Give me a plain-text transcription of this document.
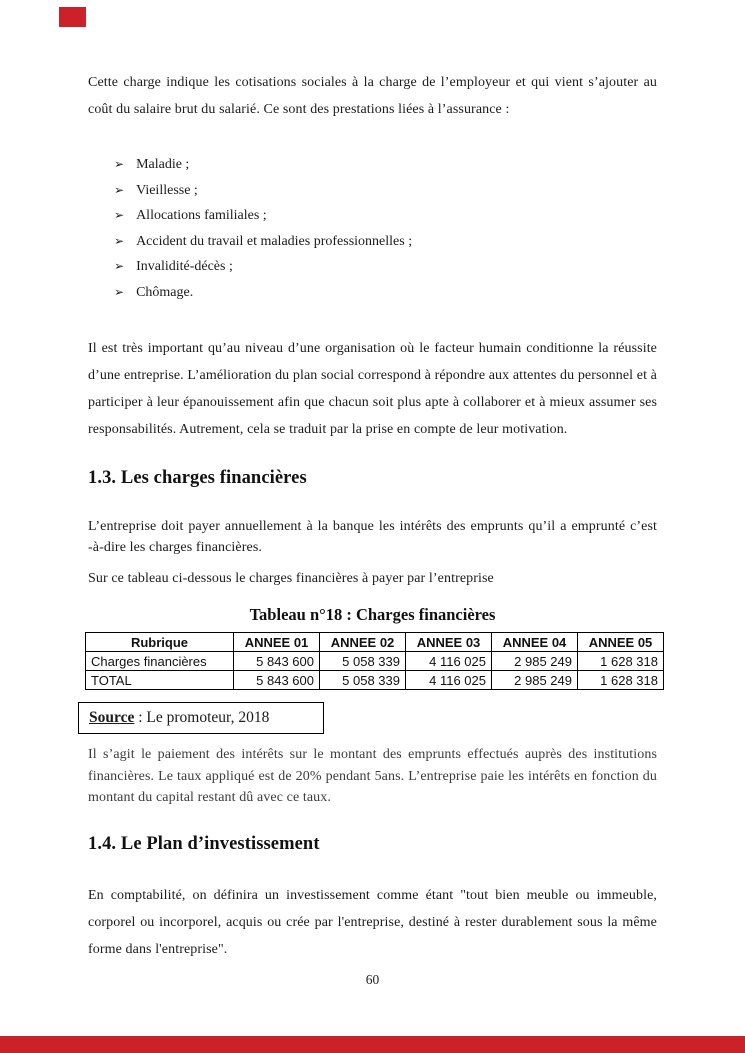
Cette charge indique les cotisations sociales à la charge de l’employeur et qui vient s’ajouter au coût du salaire brut du salarié. Ce sont des prestations liées à l’assurance :

➢ Maladie ;
➢ Vieillesse ;
➢ Allocations familiales ;
➢ Accident du travail et maladies professionnelles ;
➢ Invalidité-décès ;
➢ Chômage.

Il est très important qu’au niveau d’une organisation où le facteur humain conditionne la réussite d’une entreprise. L’amélioration du plan social correspond à répondre aux attentes du personnel et à participer à leur épanouissement afin que chacun soit plus apte à collaborer et à mieux assumer ses responsabilités. Autrement, cela se traduit par la prise en compte de leur motivation.

1.3. Les charges financières

L’entreprise doit payer annuellement à la banque les intérêts des emprunts qu’il a emprunté c’est -à-dire les charges financières.

Sur ce tableau ci-dessous le charges financières à payer par l’entreprise

Tableau n°18 : Charges financières
Rubrique	ANNEE 01	ANNEE 02	ANNEE 03	ANNEE 04	ANNEE 05
Charges financières	5 843 600	5 058 339	4 116 025	2 985 249	1 628 318
TOTAL	5 843 600	5 058 339	4 116 025	2 985 249	1 628 318
Source : Le promoteur, 2018

Il s’agit le paiement des intérêts sur le montant des emprunts effectués auprès des institutions financières. Le taux appliqué est de 20% pendant 5ans. L’entreprise paie les intérêts en fonction du montant du capital restant dû avec ce taux.

1.4. Le Plan d’investissement

En comptabilité, on définira un investissement comme étant "tout bien meuble ou immeuble, corporel ou incorporel, acquis ou crée par l'entreprise, destiné à rester durablement sous la même forme dans l'entreprise".

60
